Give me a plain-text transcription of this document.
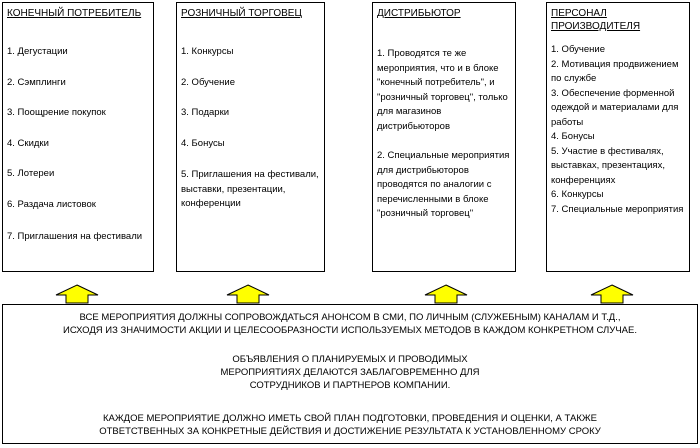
КОНЕЧНЫЙ ПОТРЕБИТЕЛЬ
1. Дегустации
2. Сэмплинги
3. Поощрение покупок
4. Скидки
5. Лотереи
6. Раздача листовок
7. Приглашения на фестивали
РОЗНИЧНЫЙ ТОРГОВЕЦ
1. Конкурсы
2. Обучение
3. Подарки
4. Бонусы
5. Приглашения на фестивали, выставки, презентации, конференции
ДИСТРИБЬЮТОР
1. Проводятся те же мероприятия, что и в блоке "конечный потребитель", и "розничный торговец", только для магазинов дистрибьюторов
2. Специальные мероприятия для дистрибьюторов проводятся по аналогии с перечисленными в блоке "розничный торговец"
ПЕРСОНАЛ ПРОИЗВОДИТЕЛЯ
1. Обучение
2. Мотивация продвижением по службе
3. Обеспечение форменной одеждой и материалами для работы
4. Бонусы
5. Участие в фестивалях, выставках, презентациях, конференциях
6. Конкурсы
7. Специальные мероприятия
ВСЕ МЕРОПРИЯТИЯ ДОЛЖНЫ СОПРОВОЖДАТЬСЯ АНОНСОМ В СМИ, ПО ЛИЧНЫМ (СЛУЖЕБНЫМ) КАНАЛАМ И Т.Д., ИСХОДЯ ИЗ ЗНАЧИМОСТИ АКЦИИ И ЦЕЛЕСООБРАЗНОСТИ ИСПОЛЬЗУЕМЫХ МЕТОДОВ В КАЖДОМ КОНКРЕТНОМ СЛУЧАЕ.
ОБЪЯВЛЕНИЯ О ПЛАНИРУЕМЫХ И ПРОВОДИМЫХ МЕРОПРИЯТИЯХ ДЕЛАЮТСЯ ЗАБЛАГОВРЕМЕННО ДЛЯ СОТРУДНИКОВ И ПАРТНЕРОВ КОМПАНИИ.
КАЖДОЕ МЕРОПРИЯТИЕ ДОЛЖНО ИМЕТЬ СВОЙ ПЛАН ПОДГОТОВКИ, ПРОВЕДЕНИЯ И ОЦЕНКИ, А ТАКЖЕ ОТВЕТСТВЕННЫХ ЗА КОНКРЕТНЫЕ ДЕЙСТВИЯ И ДОСТИЖЕНИЕ РЕЗУЛЬТАТА К УСТАНОВЛЕННОМУ СРОКУ
